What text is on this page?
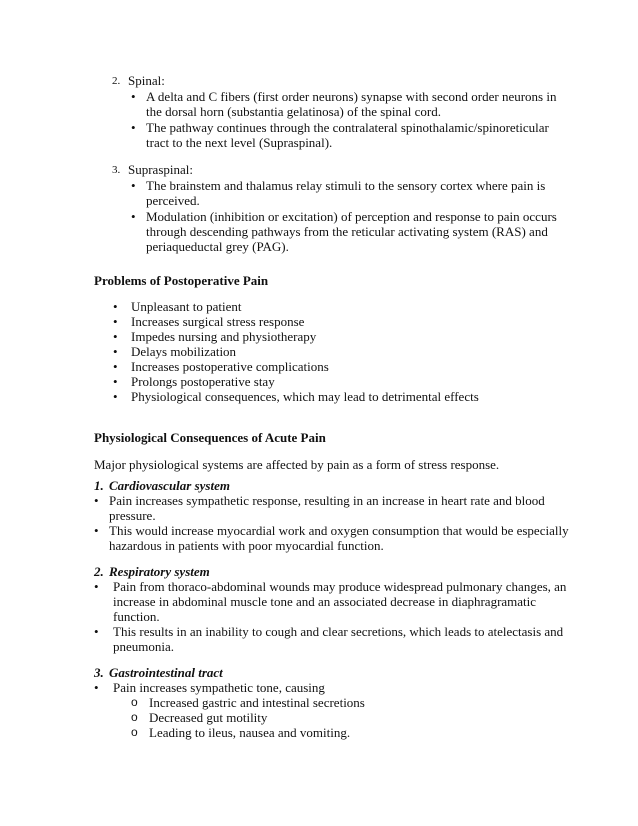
2. Spinal:
• A delta and C fibers (first order neurons) synapse with second order neurons in
the dorsal horn (substantia gelatinosa) of the spinal cord.
• The pathway continues through the contralateral spinothalamic/spinoreticular
tract to the next level (Supraspinal).
3. Supraspinal:
• The brainstem and thalamus relay stimuli to the sensory cortex where pain is
perceived.
• Modulation (inhibition or excitation) of perception and response to pain occurs
through descending pathways from the reticular activating system (RAS) and
periaqueductal grey (PAG).
Problems of Postoperative Pain
• Unpleasant to patient
• Increases surgical stress response
• Impedes nursing and physiotherapy
• Delays mobilization
• Increases postoperative complications
• Prolongs postoperative stay
• Physiological consequences, which may lead to detrimental effects
Physiological Consequences of Acute Pain
Major physiological systems are affected by pain as a form of stress response.
1. Cardiovascular system
• Pain increases sympathetic response, resulting in an increase in heart rate and blood
pressure.
• This would increase myocardial work and oxygen consumption that would be especially
hazardous in patients with poor myocardial function.
2. Respiratory system
• Pain from thoraco-abdominal wounds may produce widespread pulmonary changes, an
increase in abdominal muscle tone and an associated decrease in diaphragramatic
function.
• This results in an inability to cough and clear secretions, which leads to atelectasis and
pneumonia.
3. Gastrointestinal tract
• Pain increases sympathetic tone, causing
o Increased gastric and intestinal secretions
o Decreased gut motility
o Leading to ileus, nausea and vomiting.
